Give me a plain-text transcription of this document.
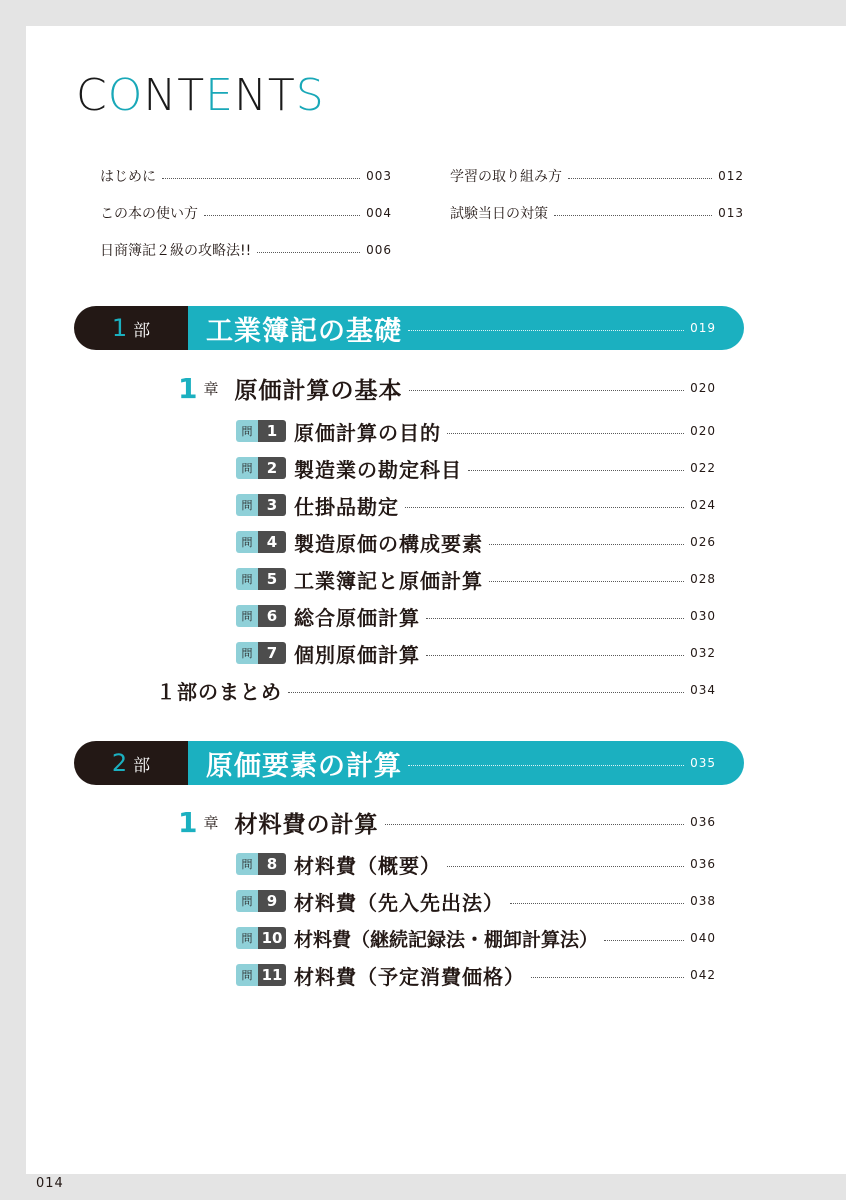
CONTENTS
はじめに	003
この本の使い方	004
日商簿記２級の攻略法!!	006
学習の取り組み方	012
試験当日の対策	013
1 部 工業簿記の基礎	019
1 章 原価計算の基本	020
問 1 原価計算の目的	020
問 2 製造業の勘定科目	022
問 3 仕掛品勘定	024
問 4 製造原価の構成要素	026
問 5 工業簿記と原価計算	028
問 6 総合原価計算	030
問 7 個別原価計算	032
１部のまとめ	034
2 部 原価要素の計算	035
1 章 材料費の計算	036
問 8 材料費（概要）	036
問 9 材料費（先入先出法）	038
問 10 材料費（継続記録法・棚卸計算法）	040
問 11 材料費（予定消費価格）	042
014
